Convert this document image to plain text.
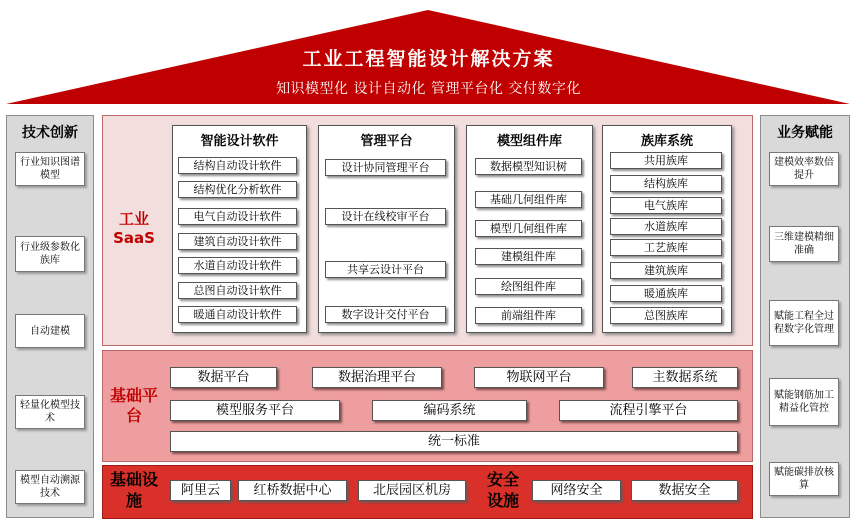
工业工程智能设计解决方案
知识模型化 设计自动化 管理平台化 交付数字化
技术创新
行业知识图谱模型
行业级参数化族库
自动建模
轻量化模型技术
模型自动溯源技术
业务赋能
建模效率数倍提升
三维建模精细准确
赋能工程全过程数字化管理
赋能钢筋加工精益化管控
赋能碳排放核算
工业SaaS
智能设计软件
结构自动设计软件
结构优化分析软件
电气自动设计软件
建筑自动设计软件
水道自动设计软件
总图自动设计软件
暖通自动设计软件
管理平台
设计协同管理平台
设计在线校审平台
共享云设计平台
数字设计交付平台
模型组件库
数据模型知识树
基础几何组件库
模型几何组件库
建模组件库
绘图组件库
前端组件库
族库系统
共用族库
结构族库
电气族库
水道族库
工艺族库
建筑族库
暖通族库
总图族库
基础平台
数据平台	数据治理平台	物联网平台	主数据系统
模型服务平台	编码系统	流程引擎平台
统一标准
基础设施
阿里云	红桥数据中心	北辰园区机房
安全设施
网络安全	数据安全
